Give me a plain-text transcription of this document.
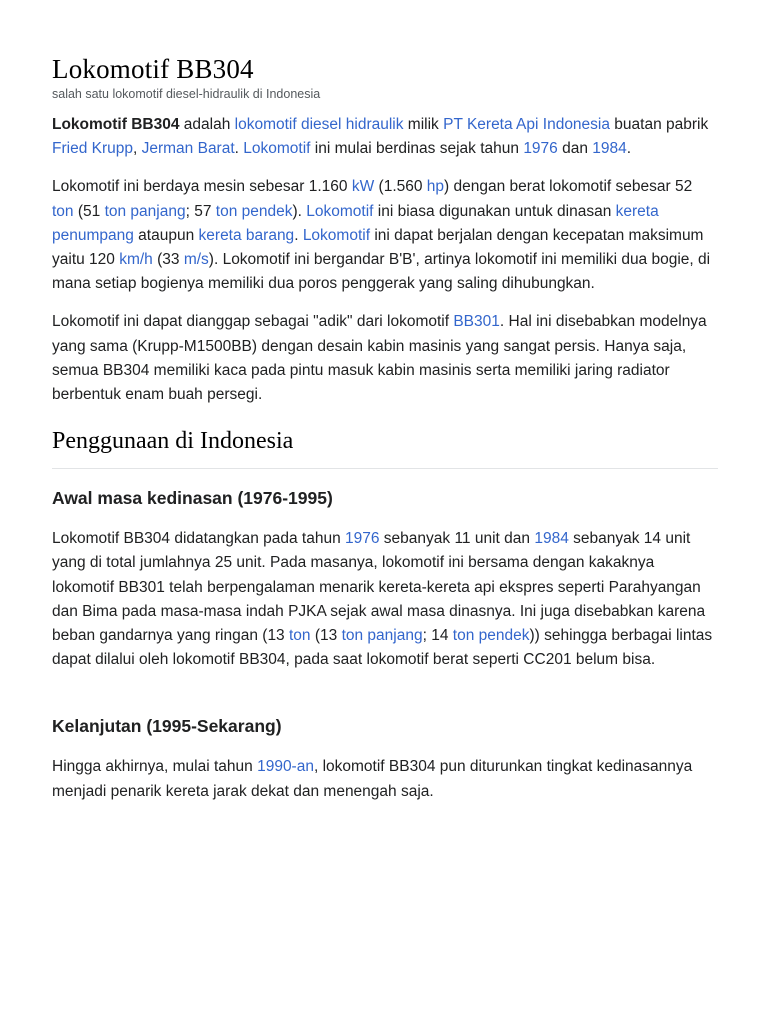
Lokomotif BB304
salah satu lokomotif diesel-hidraulik di Indonesia

Lokomotif BB304 adalah lokomotif diesel hidraulik milik PT Kereta Api Indonesia buatan pabrik Fried Krupp, Jerman Barat. Lokomotif ini mulai berdinas sejak tahun 1976 dan 1984.

Lokomotif ini berdaya mesin sebesar 1.160 kW (1.560 hp) dengan berat lokomotif sebesar 52 ton (51 ton panjang; 57 ton pendek). Lokomotif ini biasa digunakan untuk dinasan kereta penumpang ataupun kereta barang. Lokomotif ini dapat berjalan dengan kecepatan maksimum yaitu 120 km/h (33 m/s). Lokomotif ini bergandar B'B', artinya lokomotif ini memiliki dua bogie, di mana setiap bogienya memiliki dua poros penggerak yang saling dihubungkan.

Lokomotif ini dapat dianggap sebagai "adik" dari lokomotif BB301. Hal ini disebabkan modelnya yang sama (Krupp-M1500BB) dengan desain kabin masinis yang sangat persis. Hanya saja, semua BB304 memiliki kaca pada pintu masuk kabin masinis serta memiliki jaring radiator berbentuk enam buah persegi.

Penggunaan di Indonesia
Awal masa kedinasan (1976-1995)

Lokomotif BB304 didatangkan pada tahun 1976 sebanyak 11 unit dan 1984 sebanyak 14 unit yang di total jumlahnya 25 unit. Pada masanya, lokomotif ini bersama dengan kakaknya lokomotif BB301 telah berpengalaman menarik kereta-kereta api ekspres seperti Parahyangan dan Bima pada masa-masa indah PJKA sejak awal masa dinasnya. Ini juga disebabkan karena beban gandarnya yang ringan (13 ton (13 ton panjang; 14 ton pendek)) sehingga berbagai lintas dapat dilalui oleh lokomotif BB304, pada saat lokomotif berat seperti CC201 belum bisa.

Kelanjutan (1995-Sekarang)

Hingga akhirnya, mulai tahun 1990-an, lokomotif BB304 pun diturunkan tingkat kedinasannya menjadi penarik kereta jarak dekat dan menengah saja.
